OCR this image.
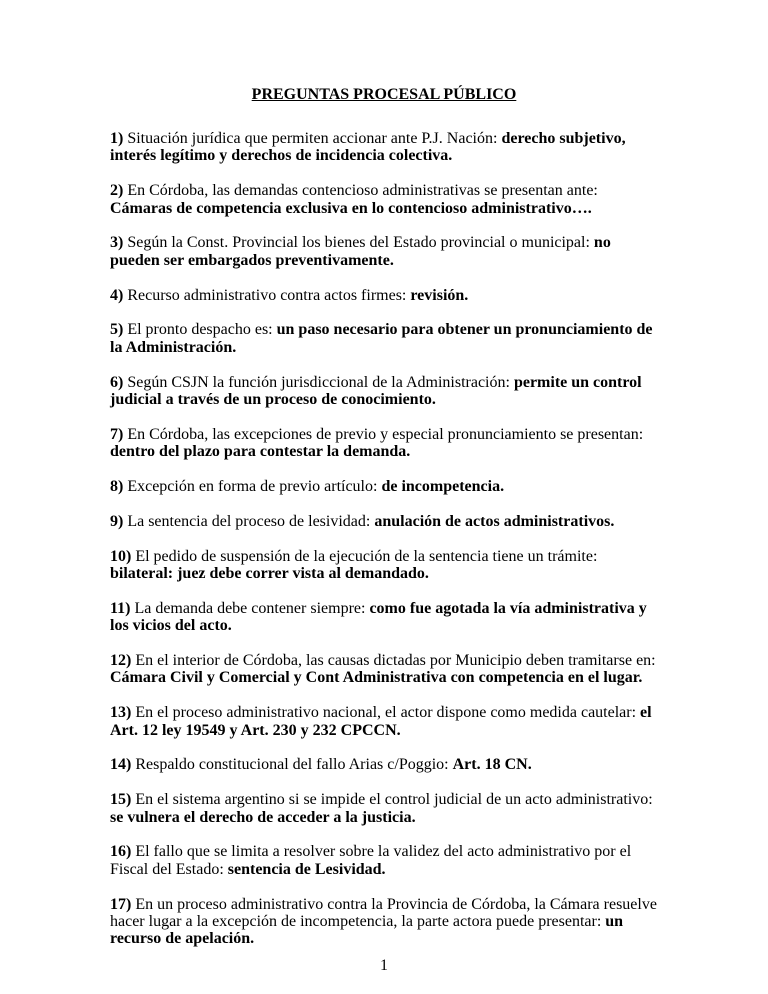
PREGUNTAS PROCESAL PÚBLICO

1) Situación jurídica que permiten accionar ante P.J. Nación: derecho subjetivo, interés legítimo y derechos de incidencia colectiva.

2) En Córdoba, las demandas contencioso administrativas se presentan ante: Cámaras de competencia exclusiva en lo contencioso administrativo….

3) Según la Const. Provincial los bienes del Estado provincial o municipal: no pueden ser embargados preventivamente.

4) Recurso administrativo contra actos firmes: revisión.

5) El pronto despacho es: un paso necesario para obtener un pronunciamiento de la Administración.

6) Según CSJN la función jurisdiccional de la Administración: permite un control judicial a través de un proceso de conocimiento.

7) En Córdoba, las excepciones de previo y especial pronunciamiento se presentan: dentro del plazo para contestar la demanda.

8) Excepción en forma de previo artículo: de incompetencia.

9) La sentencia del proceso de lesividad: anulación de actos administrativos.

10) El pedido de suspensión de la ejecución de la sentencia tiene un trámite: bilateral: juez debe correr vista al demandado.

11) La demanda debe contener siempre: como fue agotada la vía administrativa y los vicios del acto.

12) En el interior de Córdoba, las causas dictadas por Municipio deben tramitarse en: Cámara Civil y Comercial y Cont Administrativa con competencia en el lugar.

13) En el proceso administrativo nacional, el actor dispone como medida cautelar: el Art. 12 ley 19549 y Art. 230 y 232 CPCCN.

14) Respaldo constitucional del fallo Arias c/Poggio: Art. 18 CN.

15) En el sistema argentino si se impide el control judicial de un acto administrativo: se vulnera el derecho de acceder a la justicia.

16) El fallo que se limita a resolver sobre la validez del acto administrativo por el Fiscal del Estado: sentencia de Lesividad.

17) En un proceso administrativo contra la Provincia de Córdoba, la Cámara resuelve hacer lugar a la excepción de incompetencia, la parte actora puede presentar: un recurso de apelación.

1
